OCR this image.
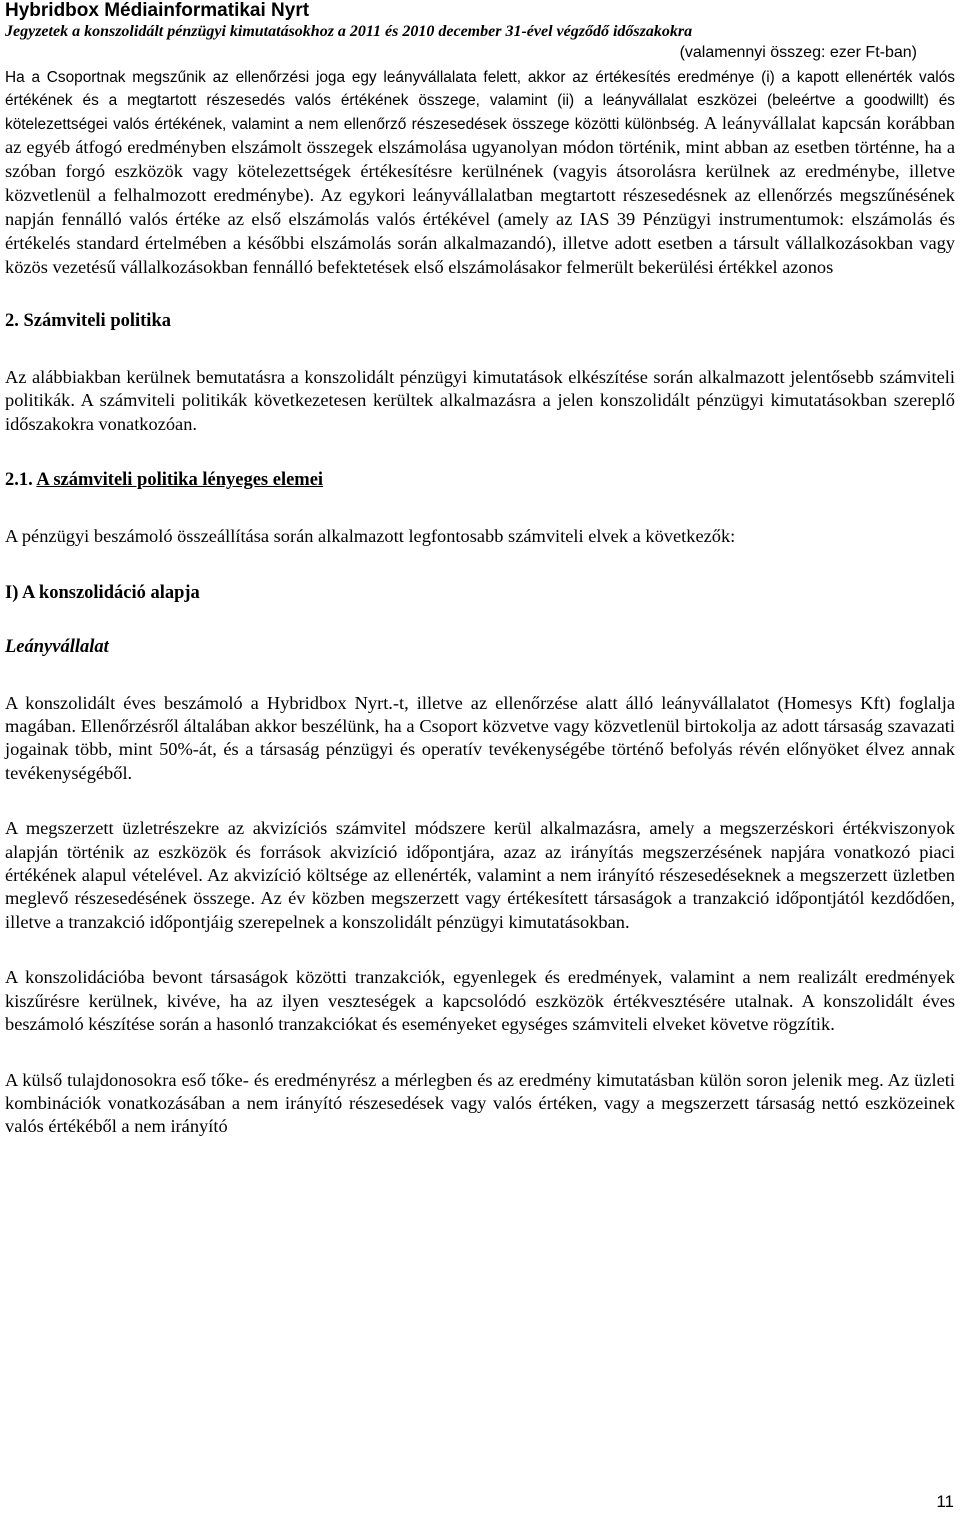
Hybridbox Médiainformatikai Nyrt

Jegyzetek a konszolidált pénzügyi kimutatásokhoz a 2011 és 2010 december 31-ével végződő időszakokra

(valamennyi összeg: ezer Ft-ban)

Ha a Csoportnak megszűnik az ellenőrzési joga egy leányvállalata felett, akkor az értékesítés eredménye (i) a kapott ellenérték valós értékének és a megtartott részesedés valós értékének összege, valamint (ii) a leányvállalat eszközei (beleértve a goodwillt) és kötelezettségei valós értékének, valamint a nem ellenőrző részesedések összege közötti különbség. A leányvállalat kapcsán korábban az egyéb átfogó eredményben elszámolt összegek elszámolása ugyanolyan módon történik, mint abban az esetben történne, ha a szóban forgó eszközök vagy kötelezettségek értékesítésre kerülnének (vagyis átsorolásra kerülnek az eredménybe, illetve közvetlenül a felhalmozott eredménybe). Az egykori leányvállalatban megtartott részesedésnek az ellenőrzés megszűnésének napján fennálló valós értéke az első elszámolás valós értékével (amely az IAS 39 Pénzügyi instrumentumok: elszámolás és értékelés standard értelmében a későbbi elszámolás során alkalmazandó), illetve adott esetben a társult vállalkozásokban vagy közös vezetésű vállalkozásokban fennálló befektetések első elszámolásakor felmerült bekerülési értékkel azonos

2. Számviteli politika

Az alábbiakban kerülnek bemutatásra a konszolidált pénzügyi kimutatások elkészítése során alkalmazott jelentősebb számviteli politikák. A számviteli politikák következetesen kerültek alkalmazásra a jelen konszolidált pénzügyi kimutatásokban szereplő időszakokra vonatkozóan.

2.1. A számviteli politika lényeges elemei

A pénzügyi beszámoló összeállítása során alkalmazott legfontosabb számviteli elvek a következők:

I) A konszolidáció alapja

Leányvállalat

A konszolidált éves beszámoló a Hybridbox Nyrt.-t, illetve az ellenőrzése alatt álló leányvállalatot (Homesys Kft) foglalja magában. Ellenőrzésről általában akkor beszélünk, ha a Csoport közvetve vagy közvetlenül birtokolja az adott társaság szavazati jogainak több, mint 50%-át, és a társaság pénzügyi és operatív tevékenységébe történő befolyás révén előnyöket élvez annak tevékenységéből.

A megszerzett üzletrészekre az akvizíciós számvitel módszere kerül alkalmazásra, amely a megszerzéskori értékviszonyok alapján történik az eszközök és források akvizíció időpontjára, azaz az irányítás megszerzésének napjára vonatkozó piaci értékének alapul vételével. Az akvizíció költsége az ellenérték, valamint a nem irányító részesedéseknek a megszerzett üzletben meglevő részesedésének összege. Az év közben megszerzett vagy értékesített társaságok a tranzakció időpontjától kezdődően, illetve a tranzakció időpontjáig szerepelnek a konszolidált pénzügyi kimutatásokban.

A konszolidációba bevont társaságok közötti tranzakciók, egyenlegek és eredmények, valamint a nem realizált eredmények kiszűrésre kerülnek, kivéve, ha az ilyen veszteségek a kapcsolódó eszközök értékvesztésére utalnak. A konszolidált éves beszámoló készítése során a hasonló tranzakciókat és eseményeket egységes számviteli elveket követve rögzítik.

A külső tulajdonosokra eső tőke- és eredményrész a mérlegben és az eredmény kimutatásban külön soron jelenik meg. Az üzleti kombinációk vonatkozásában a nem irányító részesedések vagy valós értéken, vagy a megszerzett társaság nettó eszközeinek valós értékéből a nem irányító

11
